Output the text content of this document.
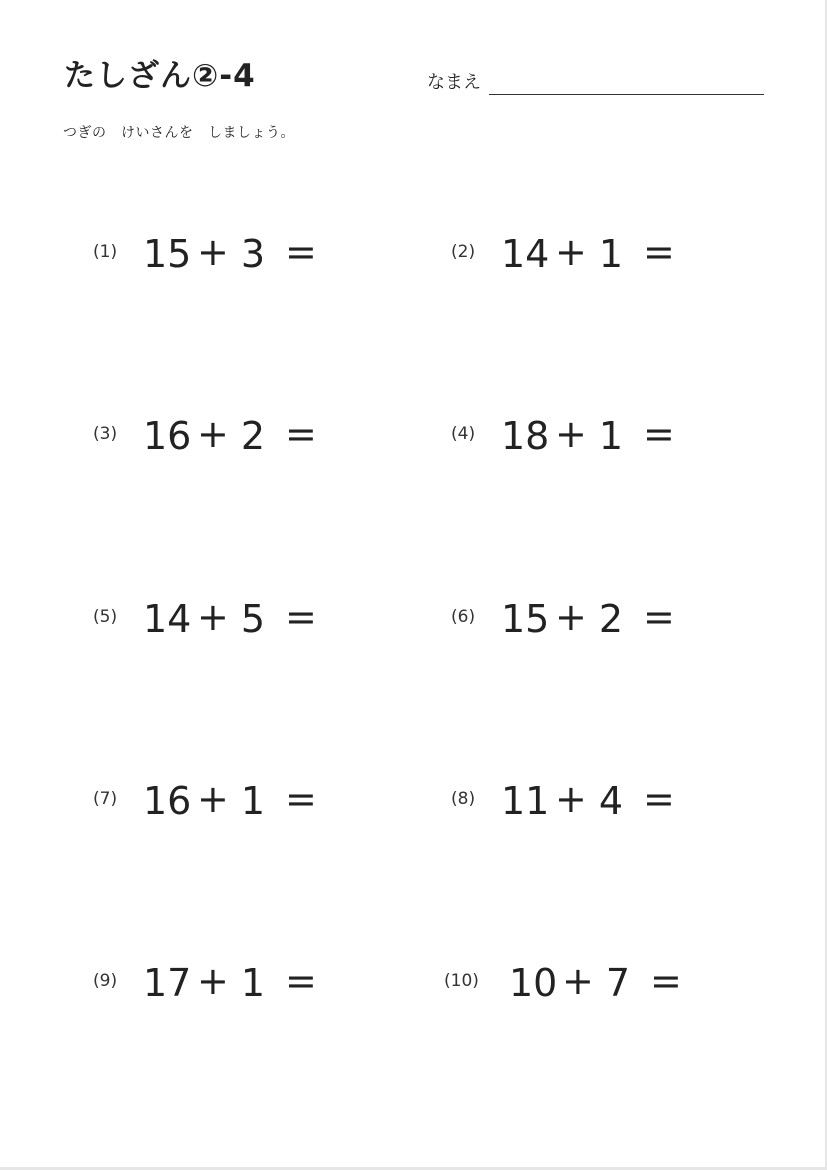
たしざん②-4	なまえ
つぎの　けいさんを　しましょう。
(1) 15 + 3 =
(3) 16 + 2 =
(5) 14 + 5 =
(7) 16 + 1 =
(9) 17 + 1 =
(2) 14 + 1 =
(4) 18 + 1 =
(6) 15 + 2 =
(8) 11 + 4 =
(10) 10 + 7 =
